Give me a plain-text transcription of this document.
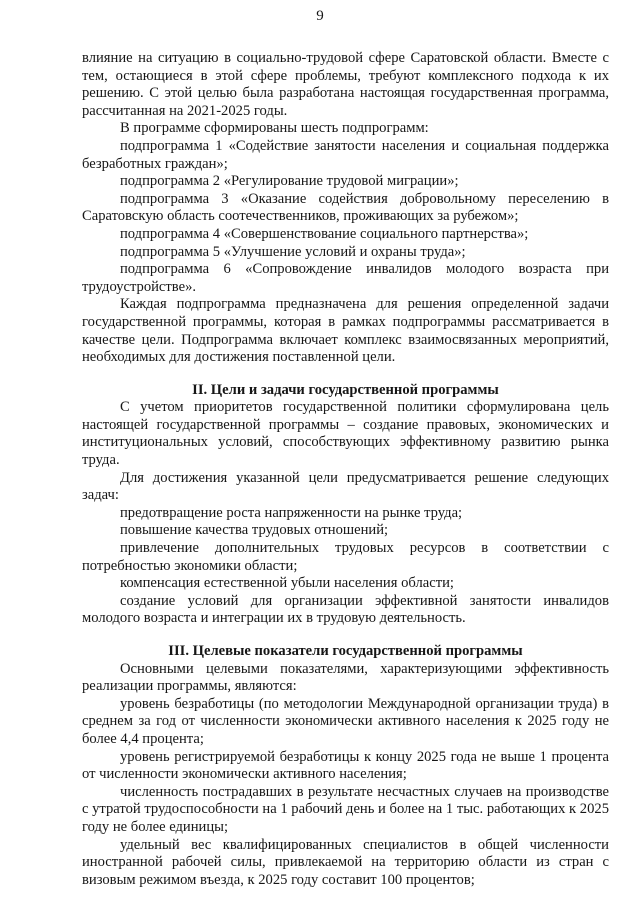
9

влияние на ситуацию в социально-трудовой сфере Саратовской области. Вместе с тем, остающиеся в этой сфере проблемы, требуют комплексного подхода к их решению. С этой целью была разработана настоящая государственная программа, рассчитанная на 2021-2025 годы.

В программе сформированы шесть подпрограмм:

подпрограмма 1 «Содействие занятости населения и социальная поддержка безработных граждан»;

подпрограмма 2 «Регулирование трудовой миграции»;

подпрограмма 3 «Оказание содействия добровольному переселению в Саратовскую область соотечественников, проживающих за рубежом»;

подпрограмма 4 «Совершенствование социального партнерства»;

подпрограмма 5 «Улучшение условий и охраны труда»;

подпрограмма 6 «Сопровождение инвалидов молодого возраста при трудоустройстве».

Каждая подпрограмма предназначена для решения определенной задачи государственной программы, которая в рамках подпрограммы рассматривается в качестве цели. Подпрограмма включает комплекс взаимосвязанных мероприятий, необходимых для достижения поставленной цели.

II. Цели и задачи государственной программы

С учетом приоритетов государственной политики сформулирована цель настоящей государственной программы – создание правовых, экономических и институциональных условий, способствующих эффективному развитию рынка труда.

Для достижения указанной цели предусматривается решение следующих задач:

предотвращение роста напряженности на рынке труда;

повышение качества трудовых отношений;

привлечение дополнительных трудовых ресурсов в соответствии с потребностью экономики области;

компенсация естественной убыли населения области;

создание условий для организации эффективной занятости инвалидов молодого возраста и интеграции их в трудовую деятельность.

III. Целевые показатели государственной программы

Основными целевыми показателями, характеризующими эффективность реализации программы, являются:

уровень безработицы (по методологии Международной организации труда) в среднем за год от численности экономически активного населения к 2025 году не более 4,4 процента;

уровень регистрируемой безработицы к концу 2025 года не выше 1 процента от численности экономически активного населения;

численность пострадавших в результате несчастных случаев на производстве с утратой трудоспособности на 1 рабочий день и более на 1 тыс. работающих к 2025 году не более единицы;

удельный вес квалифицированных специалистов в общей численности иностранной рабочей силы, привлекаемой на территорию области из стран с визовым режимом въезда, к 2025 году составит 100 процентов;
